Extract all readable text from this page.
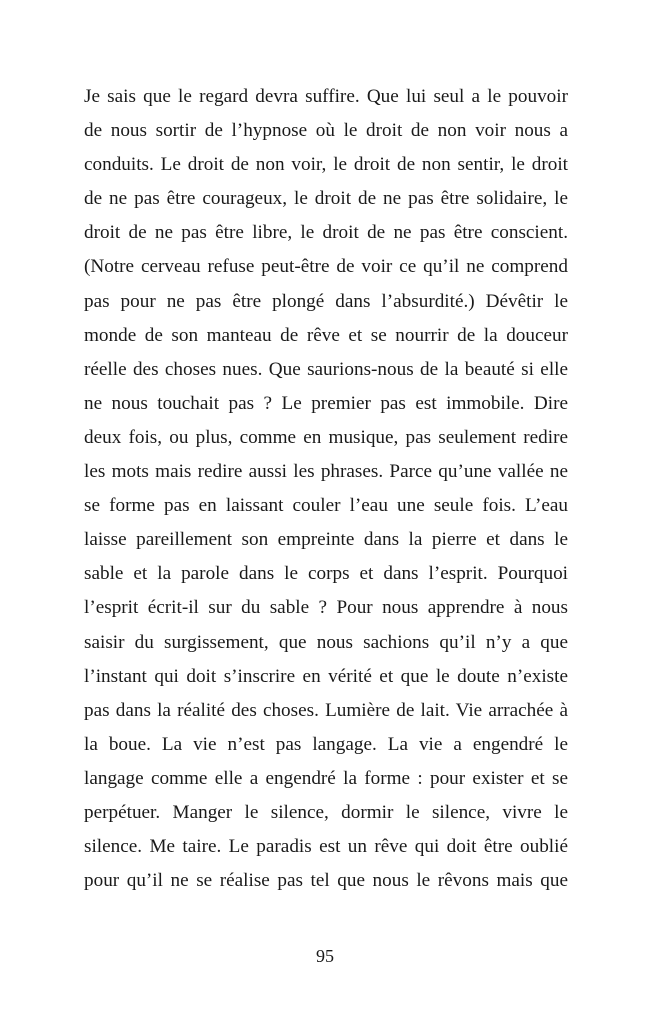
Je sais que le regard devra suffire. Que lui seul a le pouvoir
de nous sortir de l’hypnose où le droit de non voir nous a
conduits. Le droit de non voir, le droit de non sentir, le droit
de ne pas être courageux, le droit de ne pas être solidaire, le
droit de ne pas être libre, le droit de ne pas être conscient.
(Notre cerveau refuse peut-être de voir ce qu’il ne comprend
pas pour ne pas être plongé dans l’absurdité.) Dévêtir le
monde de son manteau de rêve et se nourrir de la douceur
réelle des choses nues. Que saurions-nous de la beauté si elle
ne nous touchait pas ? Le premier pas est immobile. Dire
deux fois, ou plus, comme en musique, pas seulement redire
les mots mais redire aussi les phrases. Parce qu’une vallée ne
se forme pas en laissant couler l’eau une seule fois. L’eau
laisse pareillement son empreinte dans la pierre et dans le
sable et la parole dans le corps et dans l’esprit. Pourquoi
l’esprit écrit-il sur du sable ? Pour nous apprendre à nous
saisir du surgissement, que nous sachions qu’il n’y a que
l’instant qui doit s’inscrire en vérité et que le doute n’existe
pas dans la réalité des choses. Lumière de lait. Vie arrachée à
la boue. La vie n’est pas langage. La vie a engendré le
langage comme elle a engendré la forme : pour exister et se
perpétuer. Manger le silence, dormir le silence, vivre le
silence. Me taire. Le paradis est un rêve qui doit être oublié
pour qu’il ne se réalise pas tel que nous le rêvons mais que
95
